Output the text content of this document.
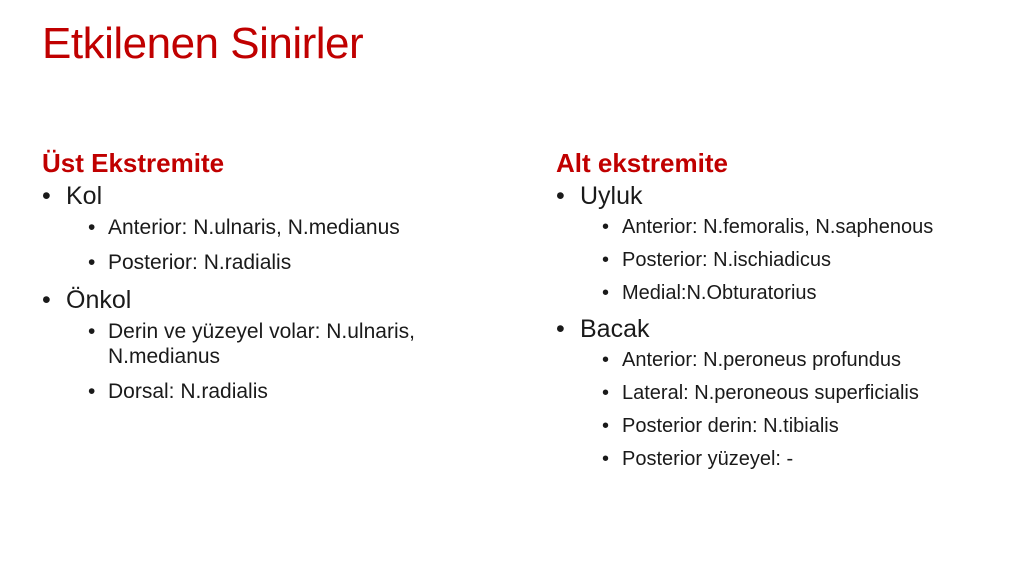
Etkilenen Sinirler
Üst Ekstremite
• Kol
• Anterior: N.ulnaris, N.medianus
• Posterior: N.radialis
• Önkol
• Derin ve yüzeyel volar: N.ulnaris, N.medianus
• Dorsal: N.radialis
Alt ekstremite
• Uyluk
• Anterior: N.femoralis, N.saphenous
• Posterior: N.ischiadicus
• Medial:N.Obturatorius
• Bacak
• Anterior: N.peroneus profundus
• Lateral: N.peroneous superficialis
• Posterior derin: N.tibialis
• Posterior yüzeyel: -
